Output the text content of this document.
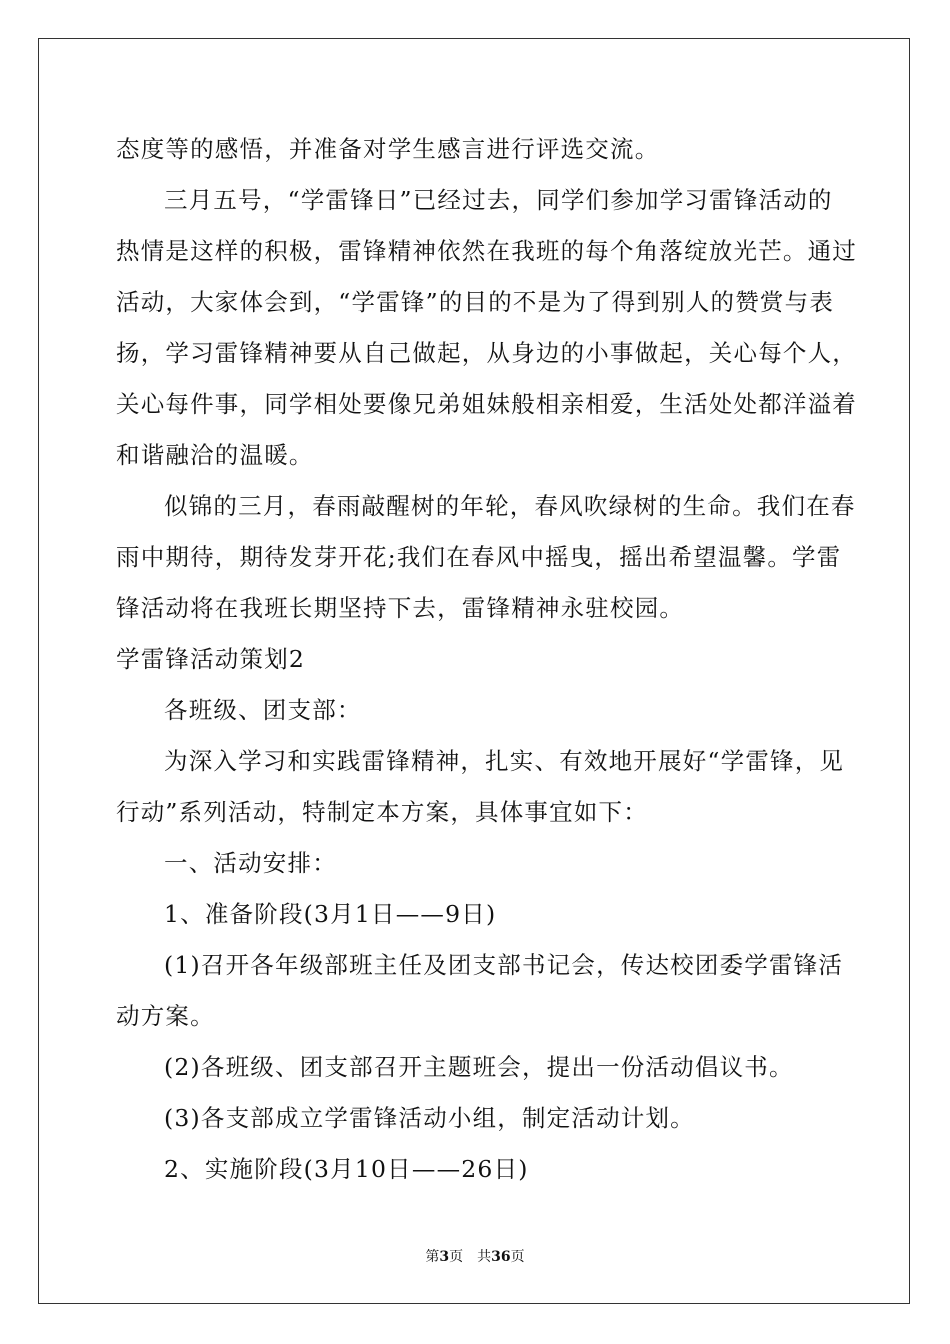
态度等的感悟，并准备对学生感言进行评选交流。
三月五号，“学雷锋日”已经过去，同学们参加学习雷锋活动的
热情是这样的积极，雷锋精神依然在我班的每个角落绽放光芒。通过
活动，大家体会到，“学雷锋”的目的不是为了得到别人的赞赏与表
扬，学习雷锋精神要从自己做起，从身边的小事做起，关心每个人，
关心每件事，同学相处要像兄弟姐妹般相亲相爱，生活处处都洋溢着
和谐融洽的温暖。
似锦的三月，春雨敲醒树的年轮，春风吹绿树的生命。我们在春
雨中期待，期待发芽开花;我们在春风中摇曳，摇出希望温馨。学雷
锋活动将在我班长期坚持下去，雷锋精神永驻校园。
学雷锋活动策划2
各班级、团支部：
为深入学习和实践雷锋精神，扎实、有效地开展好“学雷锋，见
行动”系列活动，特制定本方案，具体事宜如下：
一、活动安排：
1、准备阶段(3月1日——9日)
(1)召开各年级部班主任及团支部书记会，传达校团委学雷锋活
动方案。
(2)各班级、团支部召开主题班会，提出一份活动倡议书。
(3)各支部成立学雷锋活动小组，制定活动计划。
2、实施阶段(3月10日——26日)
第3页 共36页
